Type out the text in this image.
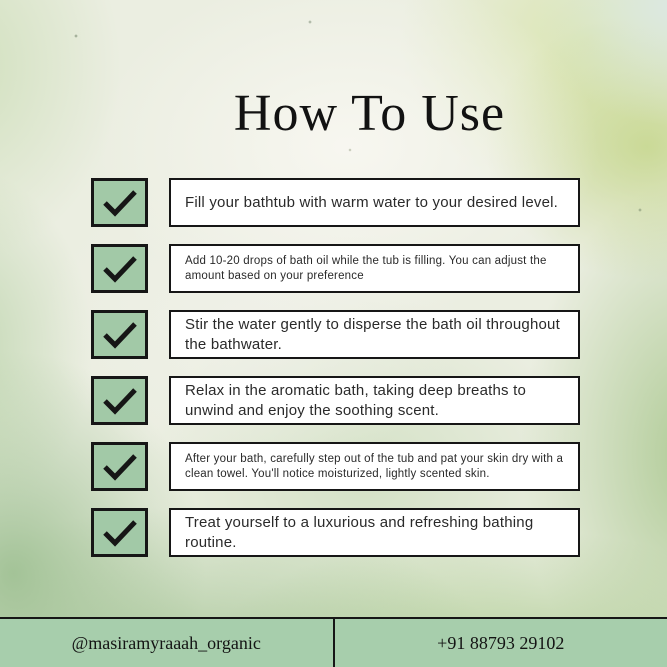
How To Use
Fill your bathtub with warm water to your desired level.
Add 10-20 drops of bath oil while the tub is filling. You can adjust the amount based on your preference
Stir the water gently to disperse the bath oil throughout the bathwater.
Relax in the aromatic bath, taking deep breaths to unwind and enjoy the soothing scent.
After your bath, carefully step out of the tub and pat your skin dry with a clean towel. You'll notice moisturized, lightly scented skin.
Treat yourself to a luxurious and refreshing bathing routine.
@masiramyraaah_organic	+91 88793 29102
